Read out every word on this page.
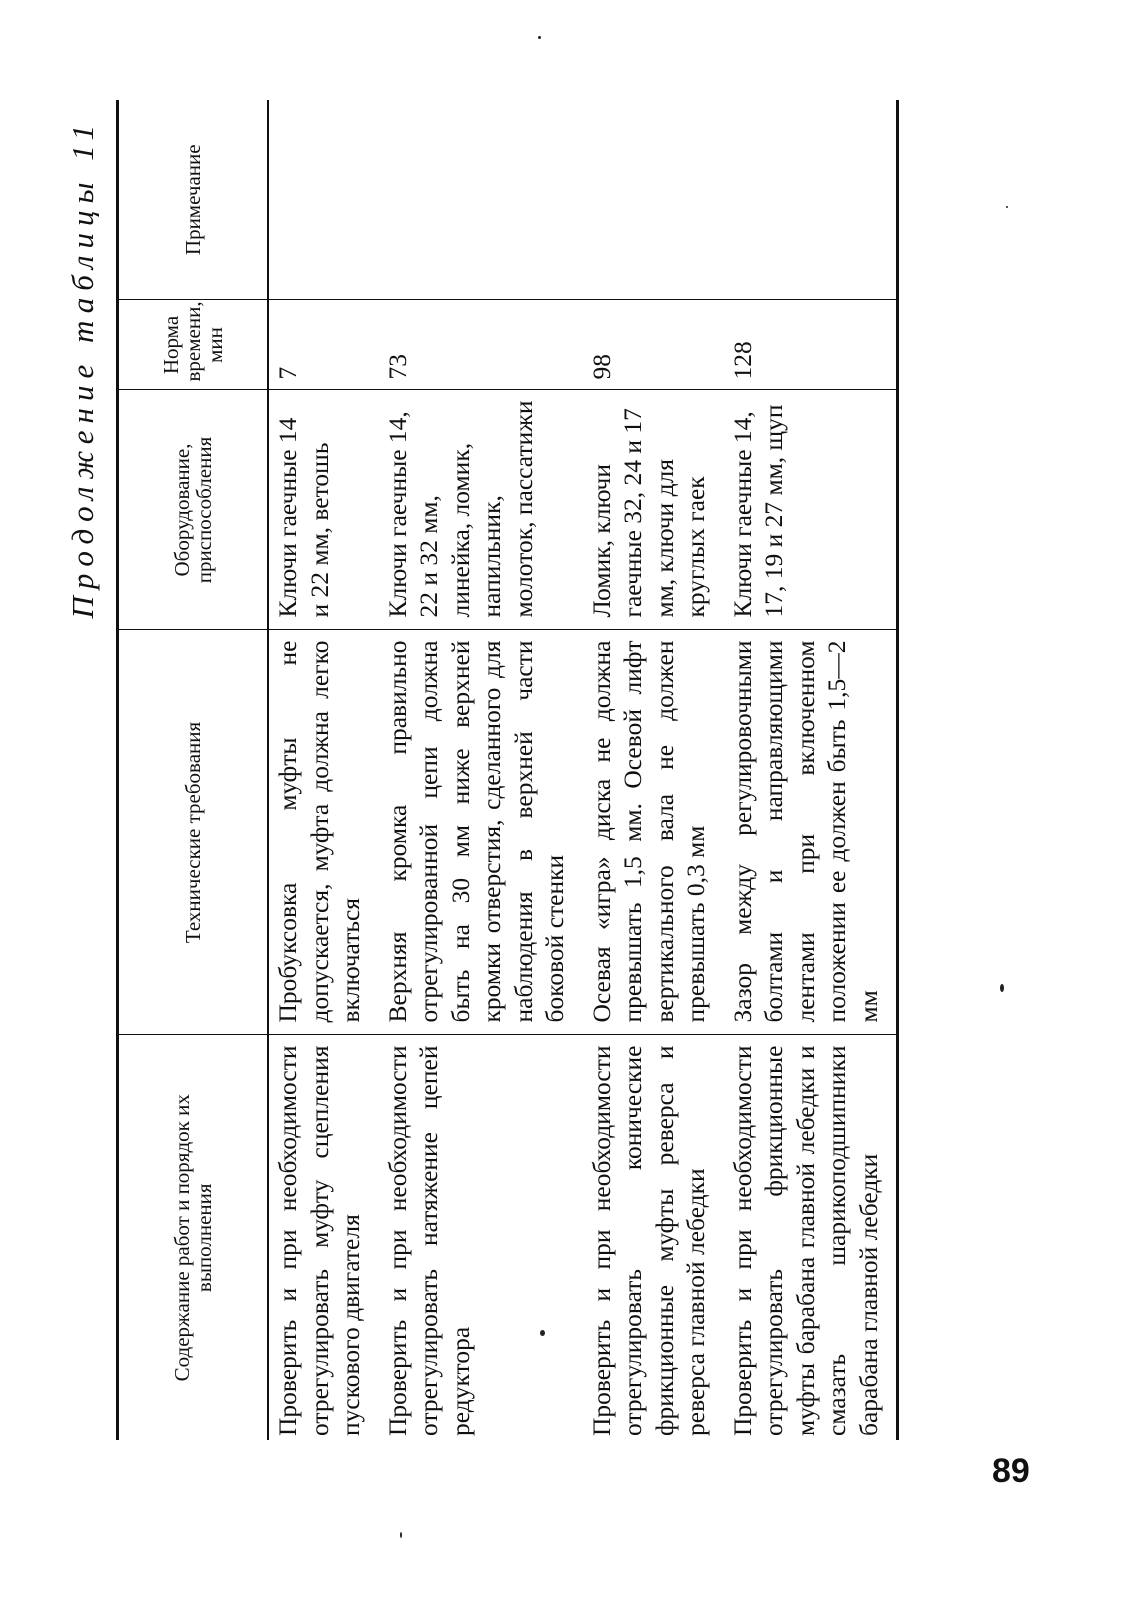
Продолжение таблицы 11
Содержание работ и порядок их выполнения	Технические требования	Оборудование, приспособления	Норма времени, мин	Примечание
Проверить и при необходимости отрегулировать муфту сцепления пускового двигателя	Пробуксовка муфты не допускается, муфта должна легко включаться	Ключи гаечные 14 и 22 мм, ветошь	7	
Проверить и при необходимости отрегулировать натяжение цепей редуктора	Верхняя кромка правильно отрегулированной цепи должна быть на 30 мм ниже верхней кромки отверстия, сделанного для наблюдения в верхней части боковой стенки	Ключи гаечные 14, 22 и 32 мм, линейка, ломик, напильник, молоток, пассатижи	73	
Проверить и при необходимости отрегулировать конические фрикционные муфты реверса и реверса главной лебедки	Осевая «игра» диска не должна превышать 1,5 мм. Осевой лифт вертикального вала не должен превышать 0,3 мм	Ломик, ключи гаечные 32, 24 и 17 мм, ключи для круглых гаек	98	
Проверить и при необходимости отрегулировать фрикционные муфты барабана главной лебедки и смазать шарикоподшипники барабана главной лебедки	Зазор между регулировочными болтами и направляющими лентами при включенном положении ее должен быть 1,5—2 мм	Ключи гаечные 14, 17, 19 и 27 мм, щуп	128	
89
